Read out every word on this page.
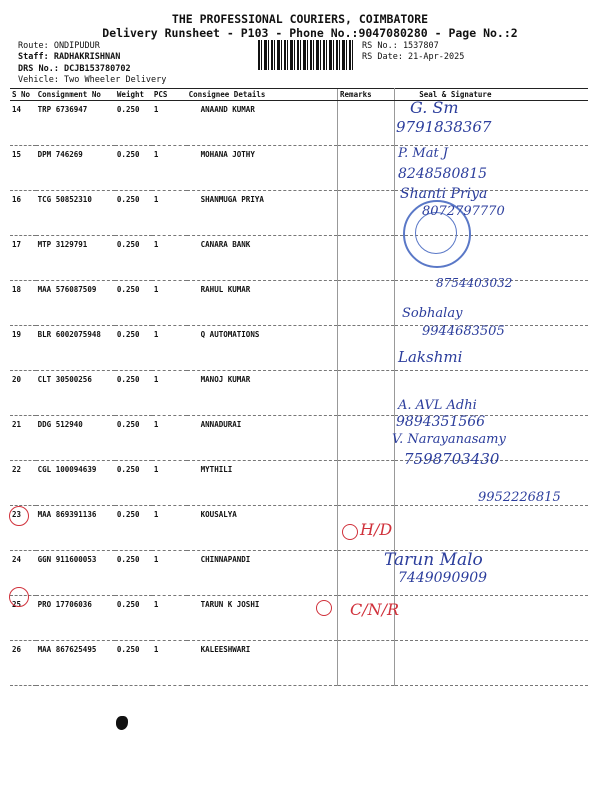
THE PROFESSIONAL COURIERS, COIMBATORE
Delivery Runsheet - P103 - Phone No.:9047080280 - Page No.:2
Route: ONDIPUDUR
Staff: RADHAKRISHNAN
DRS No.: DCJB153780702
Vehicle: Two Wheeler Delivery
RS No.: 1537807
RS Date: 21-Apr-2025
S No	Consignment No	Weight	PCS	Consignee Details	Remarks	Seal & Signature
14	TRP 6736947	0.250	1	ANAAND KUMAR		
15	DPM 746269	0.250	1	MOHANA JOTHY		
16	TCG 50852310	0.250	1	SHANMUGA PRIYA		
17	MTP 3129791	0.250	1	CANARA BANK		
18	MAA 576087509	0.250	1	RAHUL KUMAR		
19	BLR 6002075948	0.250	1	Q AUTOMATIONS		
20	CLT 30500256	0.250	1	MANOJ KUMAR		
21	DDG 512940	0.250	1	ANNADURAI		
22	CGL 100094639	0.250	1	MYTHILI		
23	MAA 869391136	0.250	1	KOUSALYA		
24	GGN 911600053	0.250	1	CHINNAPANDI		
25	PRO 17706036	0.250	1	TARUN K JOSHI		
26	MAA 867625495	0.250	1	KALEESHWARI		
G. Sm
9791838367
P. Mat J
8248580815
Shanti Priya
8072797770
8754403032
Sobhalay
9944683505
Lakshmi
A. AVL Adhi
9894351566
V. Narayanasamy
7598703430
9952226815
H/D
Tarun Malo
7449090909
C/N/R
